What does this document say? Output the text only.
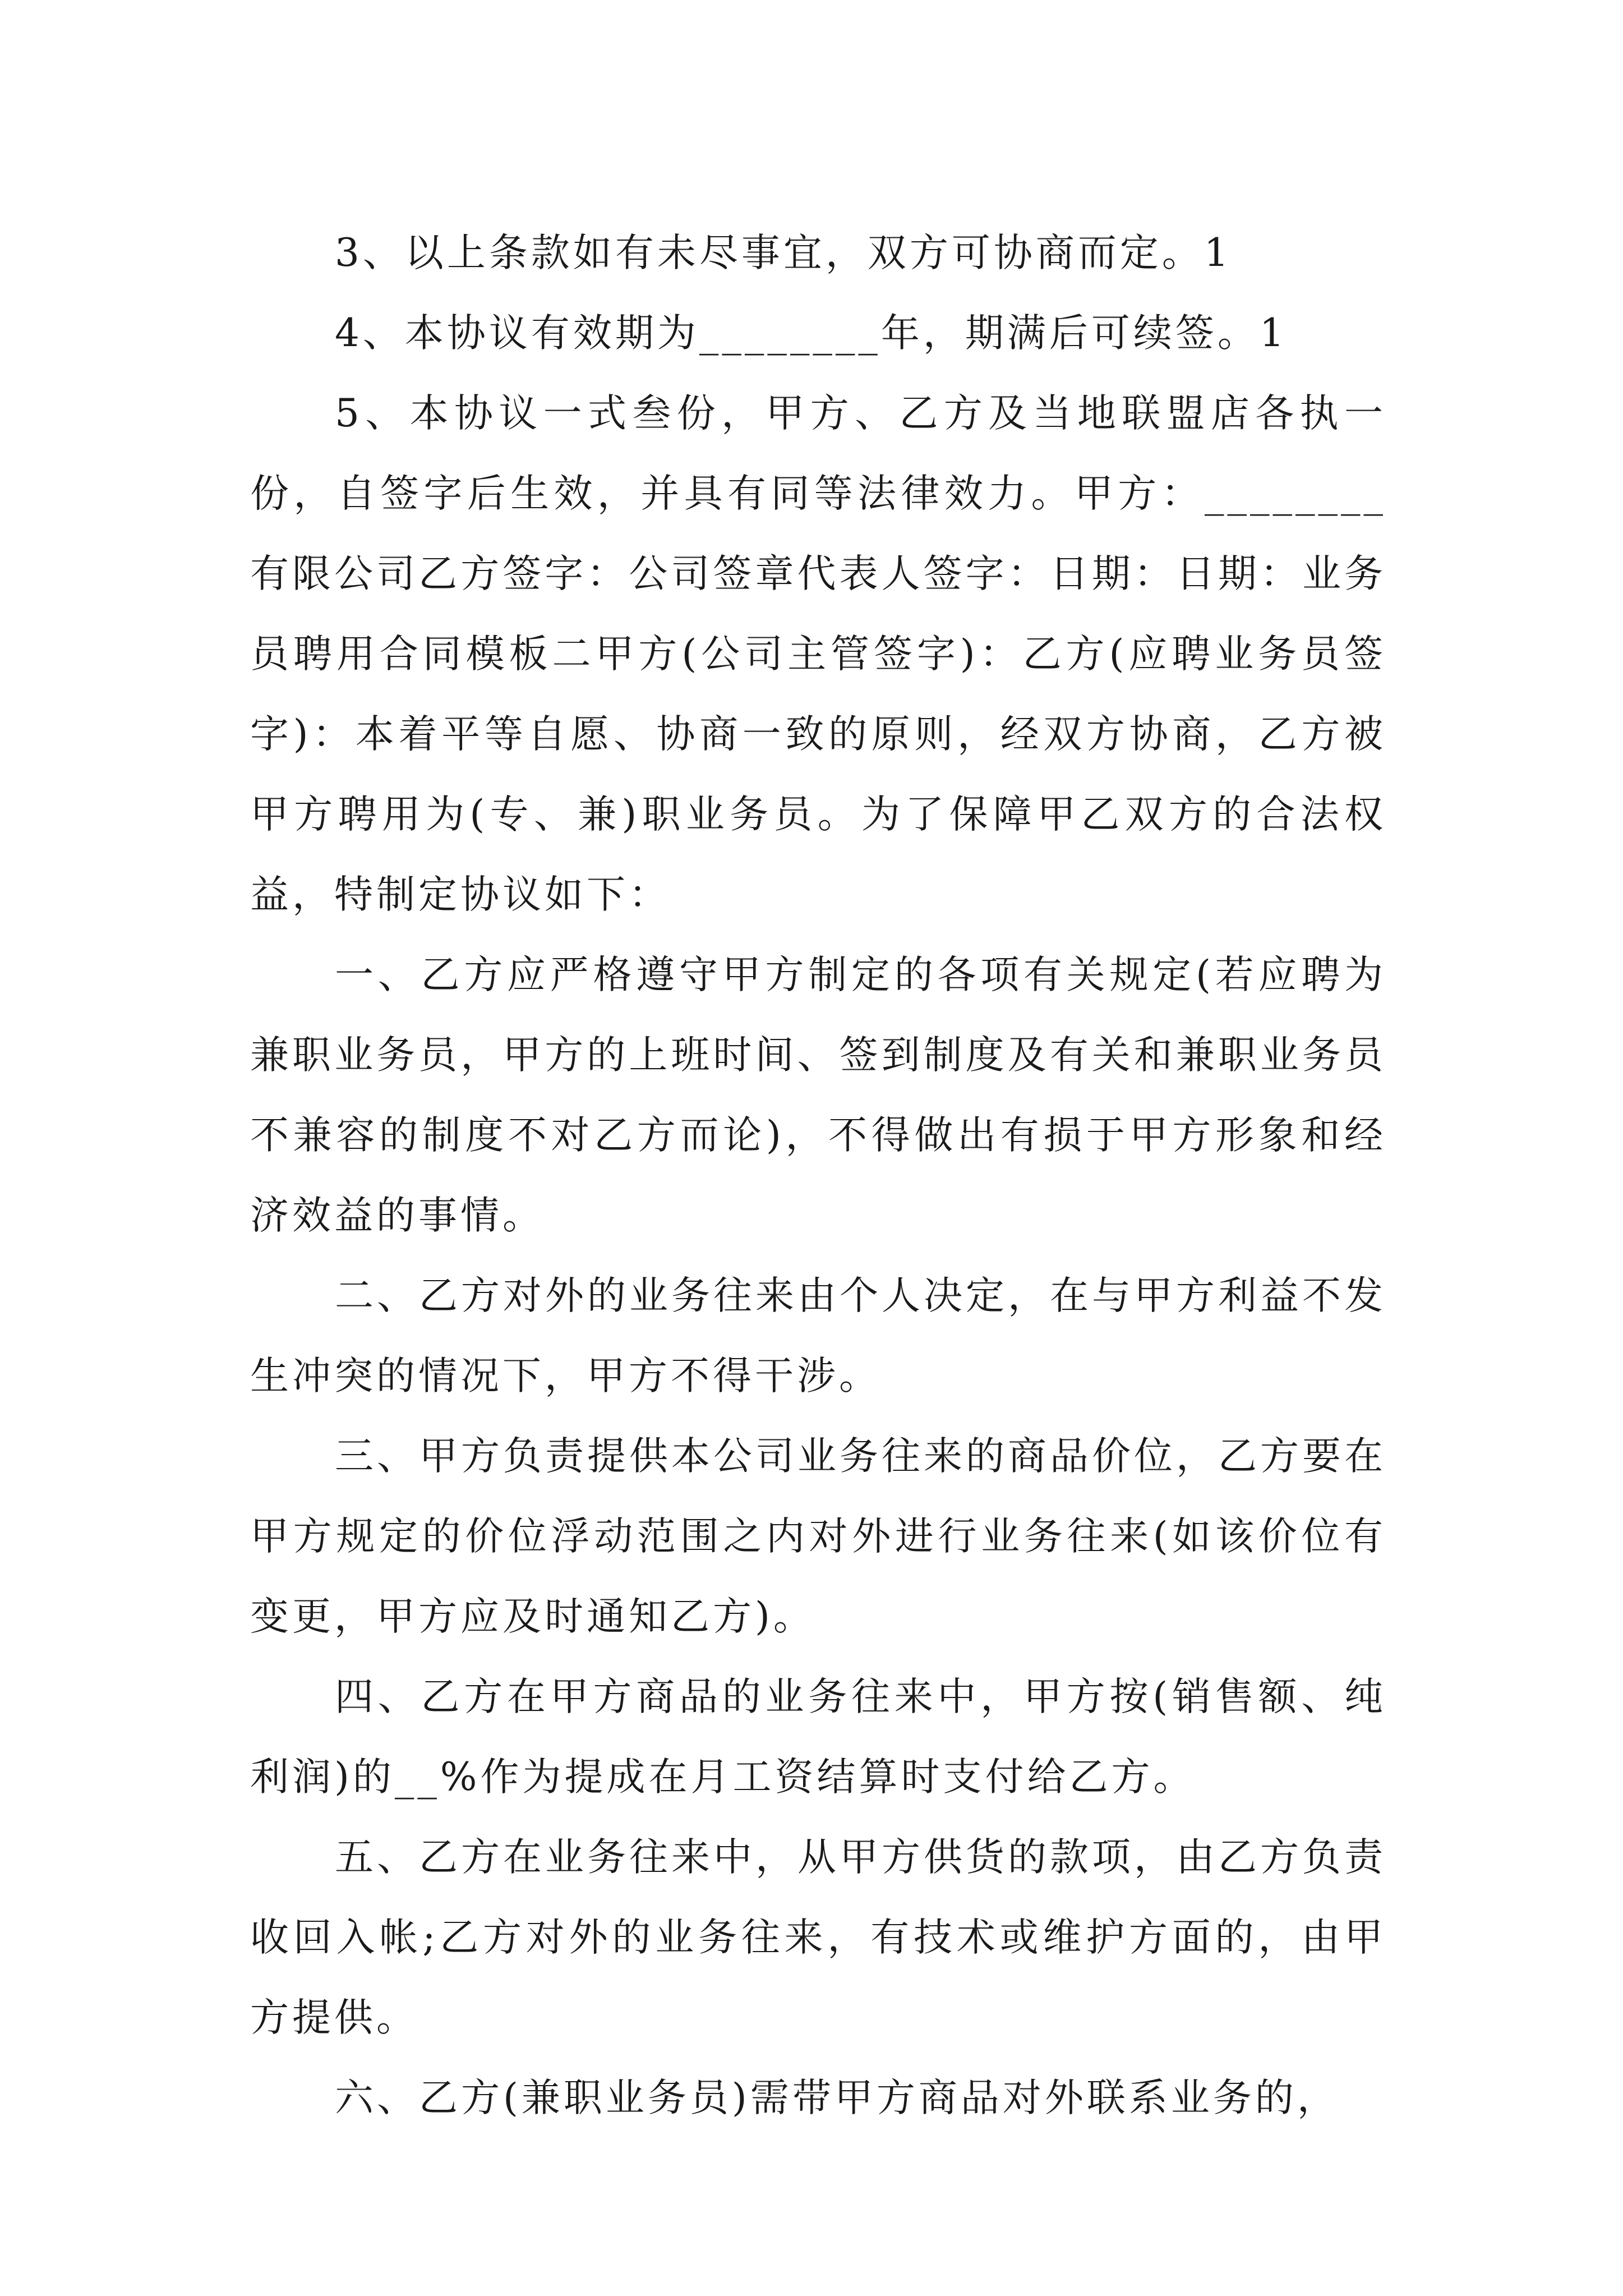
3、以上条款如有未尽事宜，双方可协商而定。1

4、本协议有效期为________年，期满后可续签。1

5、本协议一式叁份，甲方、乙方及当地联盟店各执一份，自签字后生效，并具有同等法律效力。甲方：________有限公司乙方签字：公司签章代表人签字：日期：日期：业务员聘用合同模板二甲方(公司主管签字)：乙方(应聘业务员签字)：本着平等自愿、协商一致的原则，经双方协商，乙方被甲方聘用为(专、兼)职业务员。为了保障甲乙双方的合法权益，特制定协议如下：

一、乙方应严格遵守甲方制定的各项有关规定(若应聘为兼职业务员，甲方的上班时间、签到制度及有关和兼职业务员不兼容的制度不对乙方而论)，不得做出有损于甲方形象和经济效益的事情。

二、乙方对外的业务往来由个人决定，在与甲方利益不发生冲突的情况下，甲方不得干涉。

三、甲方负责提供本公司业务往来的商品价位，乙方要在甲方规定的价位浮动范围之内对外进行业务往来(如该价位有变更，甲方应及时通知乙方)。

四、乙方在甲方商品的业务往来中，甲方按(销售额、纯利润)的__%作为提成在月工资结算时支付给乙方。

五、乙方在业务往来中，从甲方供货的款项，由乙方负责收回入帐;乙方对外的业务往来，有技术或维护方面的，由甲方提供。

六、乙方(兼职业务员)需带甲方商品对外联系业务的，
